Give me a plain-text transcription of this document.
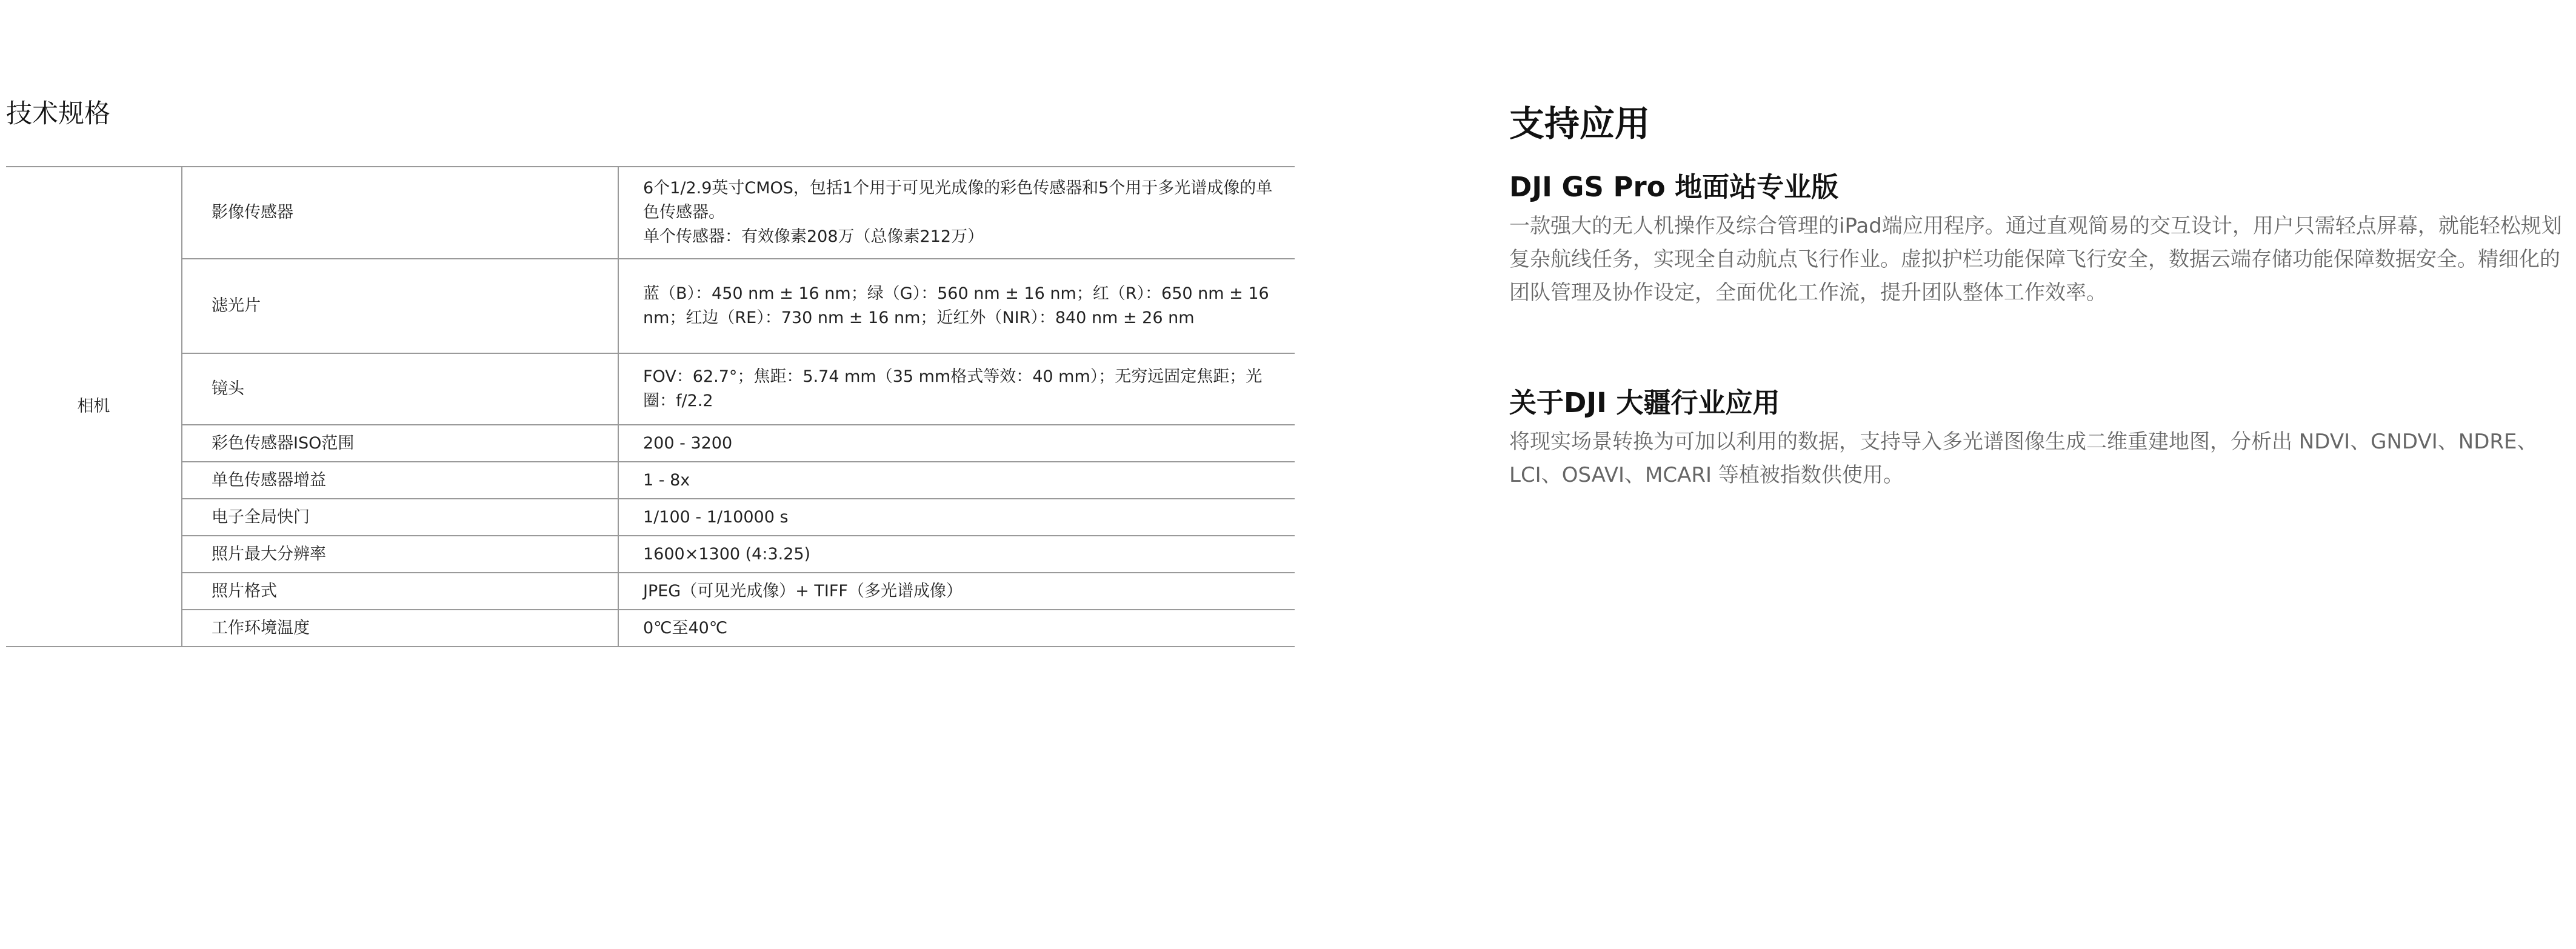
技术规格
相机	影像传感器	6个1/2.9英寸CMOS，包括1个用于可见光成像的彩色传感器和5个用于多光谱成像的单色传感器。
单个传感器：有效像素208万（总像素212万）

	滤光片	蓝（B）：450 nm ± 16 nm；绿（G）：560 nm ± 16 nm；红（R）：650 nm ± 16 nm；红边（RE）：730 nm ± 16 nm；近红外（NIR）：840 nm ± 26 nm
	镜头	FOV：62.7°；焦距：5.74 mm（35 mm格式等效：40 mm）；无穷远固定焦距；光圈：f/2.2
	彩色传感器ISO范围	200 - 3200
	单色传感器增益	1 - 8x
	电子全局快门	1/100 - 1/10000 s
	照片最大分辨率	1600×1300 (4:3.25)
	照片格式	JPEG（可见光成像）+ TIFF（多光谱成像）
	工作环境温度	0℃至40℃
支持应用
DJI GS Pro 地面站专业版

一款强大的无人机操作及综合管理的iPad端应用程序。通过直观简易的交互设计，用户只需轻点屏幕，就能轻松规划复杂航线任务，实现全自动航点飞行作业。虚拟护栏功能保障飞行安全，数据云端存储功能保障数据安全。精细化的团队管理及协作设定，全面优化工作流，提升团队整体工作效率。

关于DJI 大疆行业应用

将现实场景转换为可加以利用的数据，支持导入多光谱图像生成二维重建地图，分析出 NDVI、GNDVI、NDRE、LCI、OSAVI、MCARI 等植被指数供使用。
